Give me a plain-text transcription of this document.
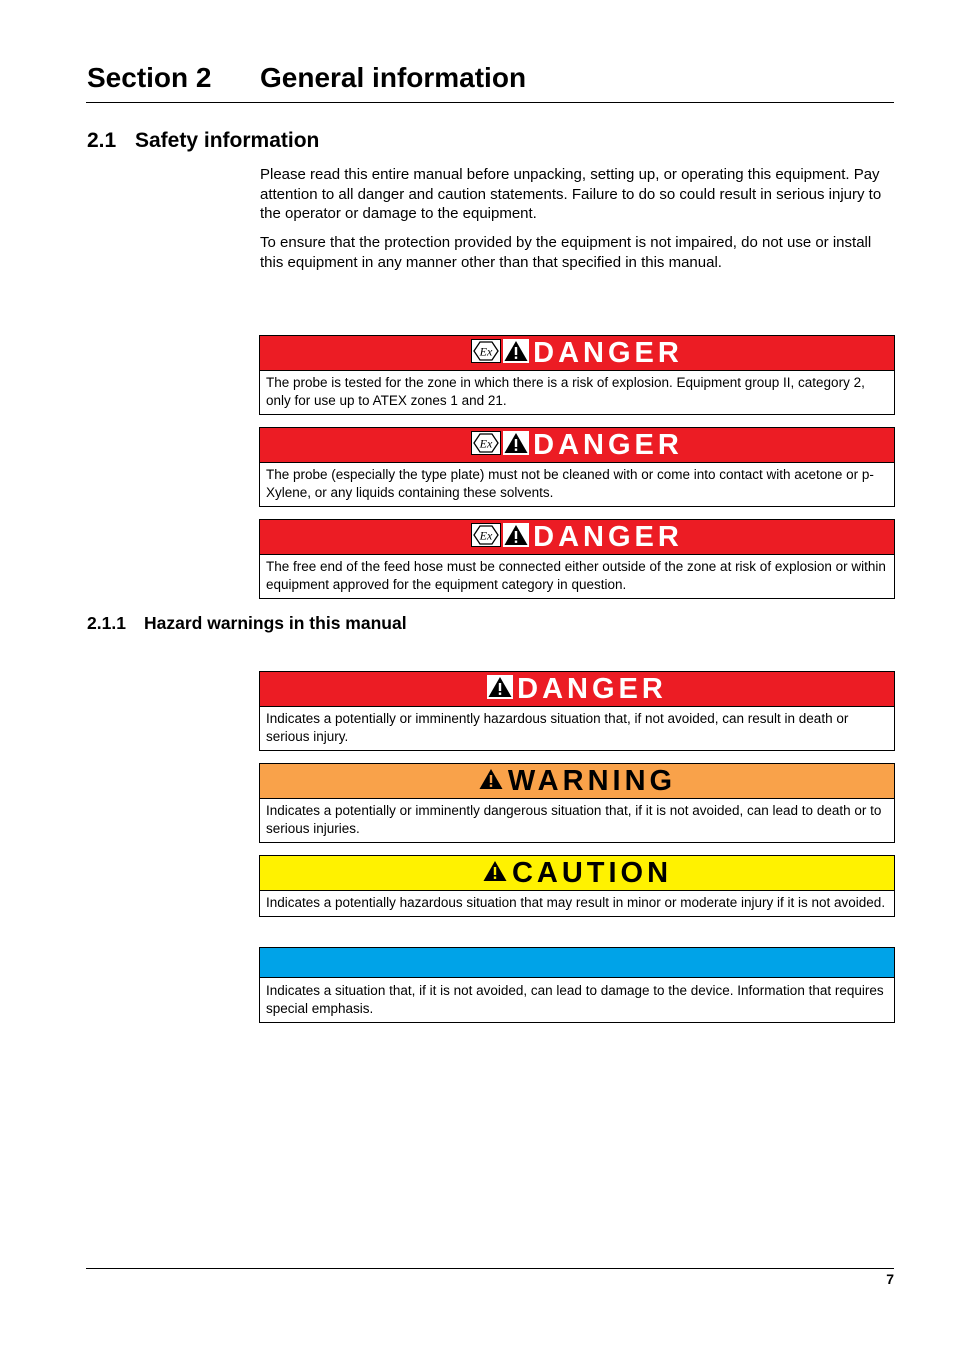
Section 2 General information
2.1 Safety information

Please read this entire manual before unpacking, setting up, or operating this equipment. Pay attention to all danger and caution statements. Failure to do so could result in serious injury to the operator or damage to the equipment.

To ensure that the protection provided by the equipment is not impaired, do not use or install this equipment in any manner other than that specified in this manual.

Ex DANGER
The probe is tested for the zone in which there is a risk of explosion. Equipment group II, category 2, only for use up to ATEX zones 1 and 21.
Ex DANGER
The probe (especially the type plate) must not be cleaned with or come into contact with acetone or p-Xylene, or any liquids containing these solvents.
Ex DANGER
The free end of the feed hose must be connected either outside of the zone at risk of explosion or within equipment approved for the equipment category in question.
2.1.1 Hazard warnings in this manual
DANGER
Indicates a potentially or imminently hazardous situation that, if not avoided, can result in death or serious injury.
WARNING
Indicates a potentially or imminently dangerous situation that, if it is not avoided, can lead to death or to serious injuries.
CAUTION
Indicates a potentially hazardous situation that may result in minor or moderate injury if it is not avoided.
Indicates a situation that, if it is not avoided, can lead to damage to the device. Information that requires special emphasis.
7
